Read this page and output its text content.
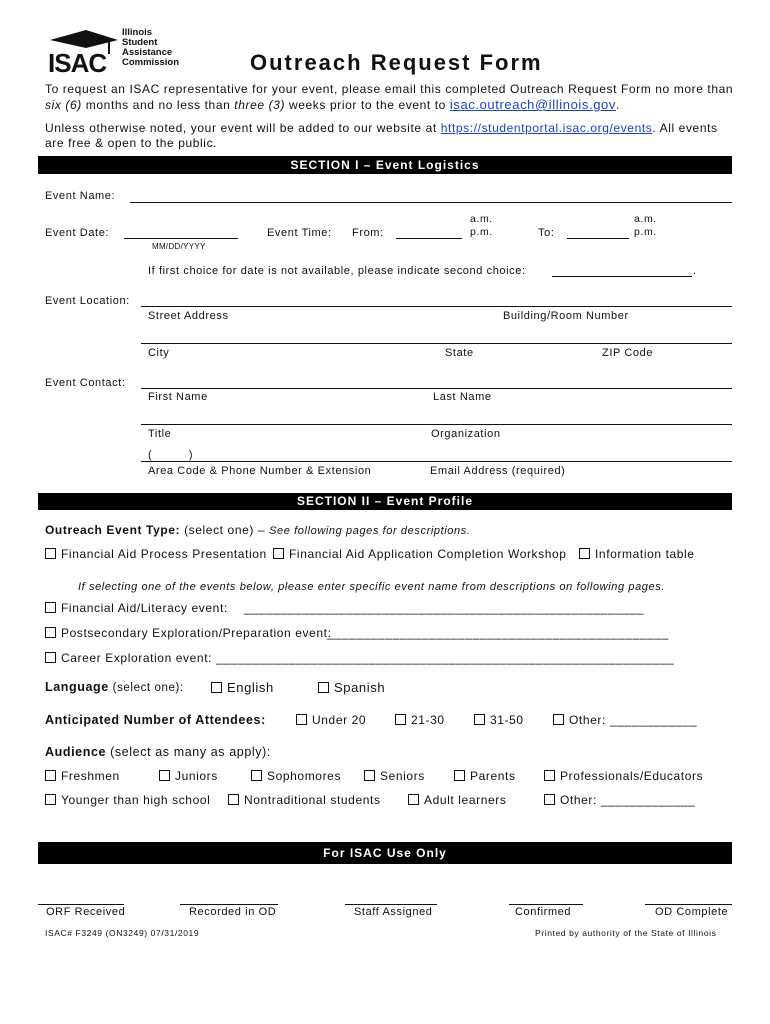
ISAC
Illinois
Student
Assistance
Commission	Outreach Request Form
To request an ISAC representative for your event, please email this completed Outreach Request Form no more than
six (6) months and no less than three (3) weeks prior to the event to isac.outreach@illinois.gov.
Unless otherwise noted, your event will be added to our website at https://studentportal.isac.org/events. All events
are free & open to the public.
SECTION I – Event Logistics
Event Name:
Event Date:
MM/DD/YYYY
Event Time: From:
a.m.
p.m.	To:
a.m.
p.m.
If first choice for date is not available, please indicate second choice:	.
Event Location:
Street Address	Building/Room Number
City	State	ZIP Code
Event Contact:
First Name	Last Name
Title	Organization
(          )
Area Code & Phone Number & Extension	Email Address (required)
SECTION II – Event Profile
Outreach Event Type: (select one) – See following pages for descriptions.
Financial Aid Process Presentation	Financial Aid Application Completion Workshop	Information table
If selecting one of the events below, please enter specific event name from descriptions on following pages.
Financial Aid/Literacy event: _______________________________________________________
Postsecondary Exploration/Preparation event:
_______________________________________________
Career Exploration event: _______________________________________________________________
Language (select one):	English	Spanish
Anticipated Number of Attendees:	Under 20	21-30	31-50	Other: ____________
Audience (select as many as apply):
Freshmen	Juniors	Sophomores	Seniors	Parents	Professionals/Educators
Younger than high school	Nontraditional students	Adult learners	Other: _____________
For ISAC Use Only
ORF Received	Recorded in OD	Staff Assigned	Confirmed	OD Complete
ISAC# F3249 (ON3249) 07/31/2019	Printed by authority of the State of Illinois
